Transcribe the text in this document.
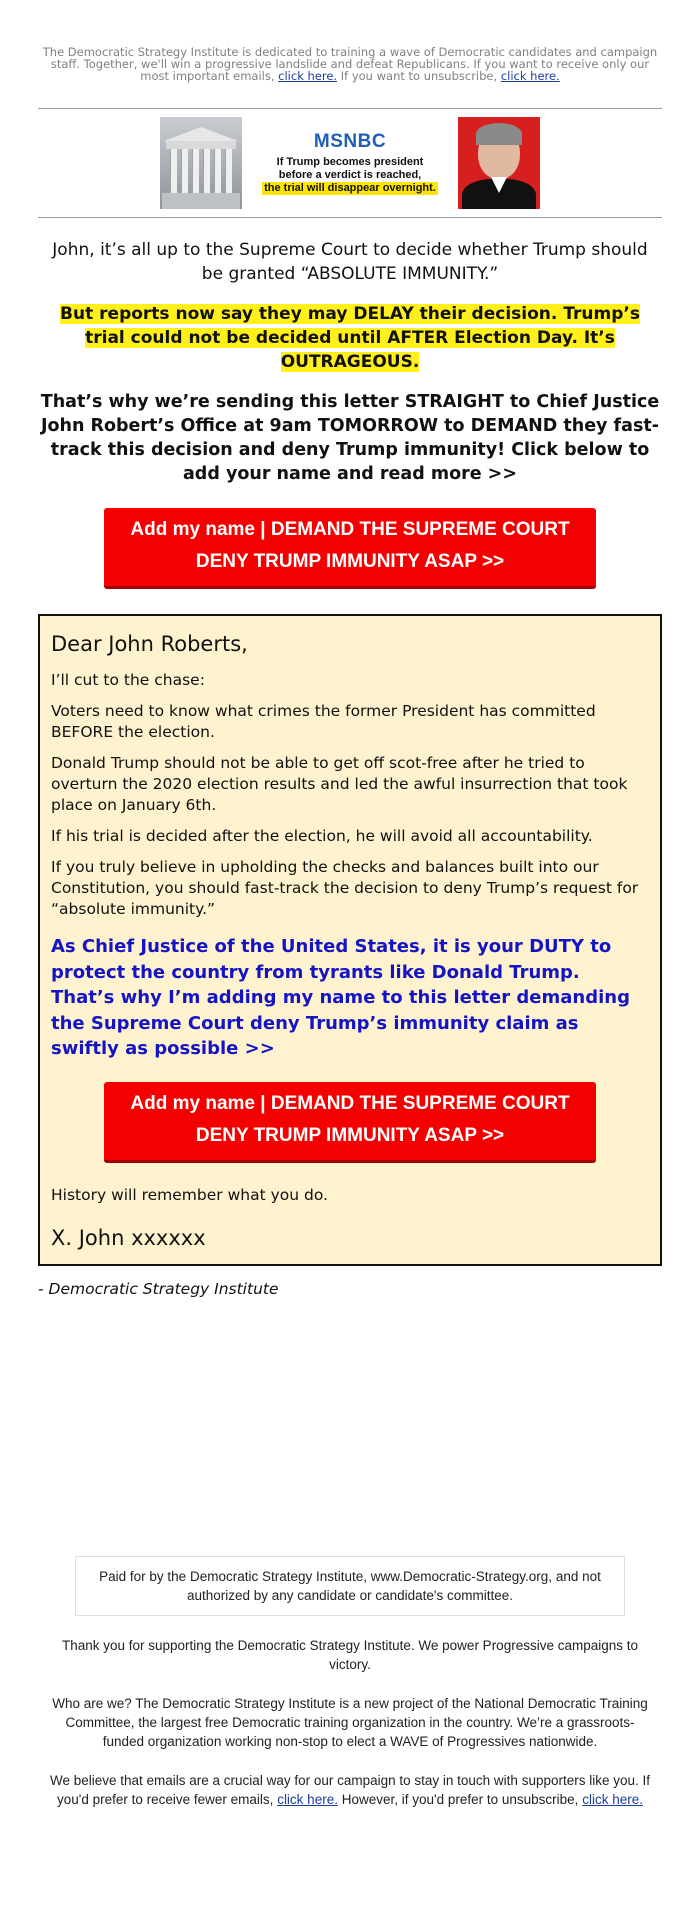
The Democratic Strategy Institute is dedicated to training a wave of Democratic candidates and campaign staff. Together, we'll win a progressive landslide and defeat Republicans. If you want to receive only our most important emails, click here. If you want to unsubscribe, click here.
MSNBC
If Trump becomes president
before a verdict is reached,
the trial will disappear overnight.

John, it’s all up to the Supreme Court to decide whether Trump should be granted “ABSOLUTE IMMUNITY.”

But reports now say they may DELAY their decision. Trump’s trial could not be decided until AFTER Election Day. It’s OUTRAGEOUS.

That’s why we’re sending this letter STRAIGHT to Chief Justice John Robert’s Office at 9am TOMORROW to DEMAND they fast-track this decision and deny Trump immunity! Click below to add your name and read more >>

Add my name | DEMAND THE SUPREME COURT DENY TRUMP IMMUNITY ASAP >>
Dear John Roberts,

I’ll cut to the chase:

Voters need to know what crimes the former President has committed BEFORE the election.

Donald Trump should not be able to get off scot-free after he tried to overturn the 2020 election results and led the awful insurrection that took place on January 6th.

If his trial is decided after the election, he will avoid all accountability.

If you truly believe in upholding the checks and balances built into our Constitution, you should fast-track the decision to deny Trump’s request for “absolute immunity.”

As Chief Justice of the United States, it is your DUTY to protect the country from tyrants like Donald Trump. That’s why I’m adding my name to this letter demanding the Supreme Court deny Trump’s immunity claim as swiftly as possible >>

Add my name | DEMAND THE SUPREME COURT DENY TRUMP IMMUNITY ASAP >>

History will remember what you do.

X. John xxxxxx

- Democratic Strategy Institute

Paid for by the Democratic Strategy Institute, www.Democratic-Strategy.org, and not authorized by any candidate or candidate's committee.

Thank you for supporting the Democratic Strategy Institute. We power Progressive campaigns to victory.

Who are we? The Democratic Strategy Institute is a new project of the National Democratic Training Committee, the largest free Democratic training organization in the country. We’re a grassroots-funded organization working non-stop to elect a WAVE of Progressives nationwide.

We believe that emails are a crucial way for our campaign to stay in touch with supporters like you. If you'd prefer to receive fewer emails, click here. However, if you'd prefer to unsubscribe, click here.
